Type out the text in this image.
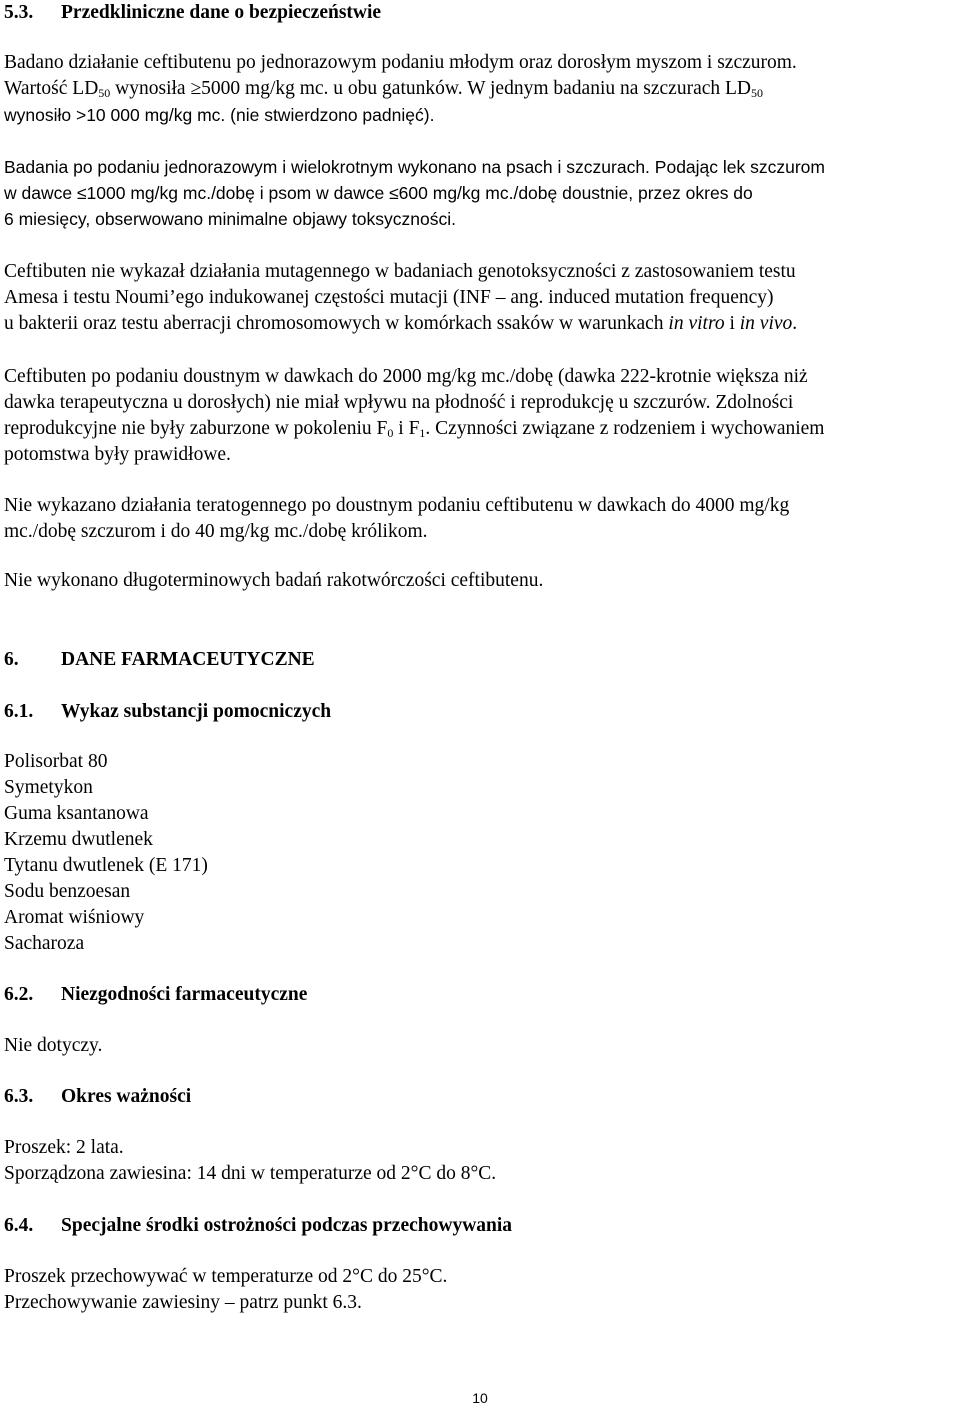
5.3. Przedkliniczne dane o bezpieczeństwie
Badano działanie ceftibutenu po jednorazowym podaniu młodym oraz dorosłym myszom i szczurom.
Wartość $LD_{50}$ wynosiła ≥5000 mg/kg mc. u obu gatunków. W jednym badaniu na szczurach $LD_{50}$
wynosiło >10 000 mg/kg mc. (nie stwierdzono padnięć).
Badania po podaniu jednorazowym i wielokrotnym wykonano na psach i szczurach. Podając lek szczurom
w dawce ≤1000 mg/kg mc./dobę i psom w dawce ≤600 mg/kg mc./dobę doustnie, przez okres do
6 miesięcy, obserwowano minimalne objawy toksyczności.
Ceftibuten nie wykazał działania mutagennego w badaniach genotoksyczności z zastosowaniem testu
Amesa i testu Noumi’ego indukowanej częstości mutacji (INF – ang. induced mutation frequency)
u bakterii oraz testu aberracji chromosomowych w komórkach ssaków w warunkach in vitro i in vivo.
Ceftibuten po podaniu doustnym w dawkach do 2000 mg/kg mc./dobę (dawka 222-krotnie większa niż
dawka terapeutyczna u dorosłych) nie miał wpływu na płodność i reprodukcję u szczurów. Zdolności
reprodukcyjne nie były zaburzone w pokoleniu $F_0$ i $F_1$. Czynności związane z rodzeniem i wychowaniem
potomstwa były prawidłowe.
Nie wykazano działania teratogennego po doustnym podaniu ceftibutenu w dawkach do 4000 mg/kg
mc./dobę szczurom i do 40 mg/kg mc./dobę królikom.
Nie wykonano długoterminowych badań rakotwórczości ceftibutenu.
6. DANE FARMACEUTYCZNE
6.1. Wykaz substancji pomocniczych
Polisorbat 80
Symetykon
Guma ksantanowa
Krzemu dwutlenek
Tytanu dwutlenek (E 171)
Sodu benzoesan
Aromat wiśniowy
Sacharoza
6.2. Niezgodności farmaceutyczne
Nie dotyczy.
6.3. Okres ważności
Proszek: 2 lata.
Sporządzona zawiesina: 14 dni w temperaturze od 2°C do 8°C.
6.4. Specjalne środki ostrożności podczas przechowywania
Proszek przechowywać w temperaturze od 2°C do 25°C.
Przechowywanie zawiesiny – patrz punkt 6.3.
10
